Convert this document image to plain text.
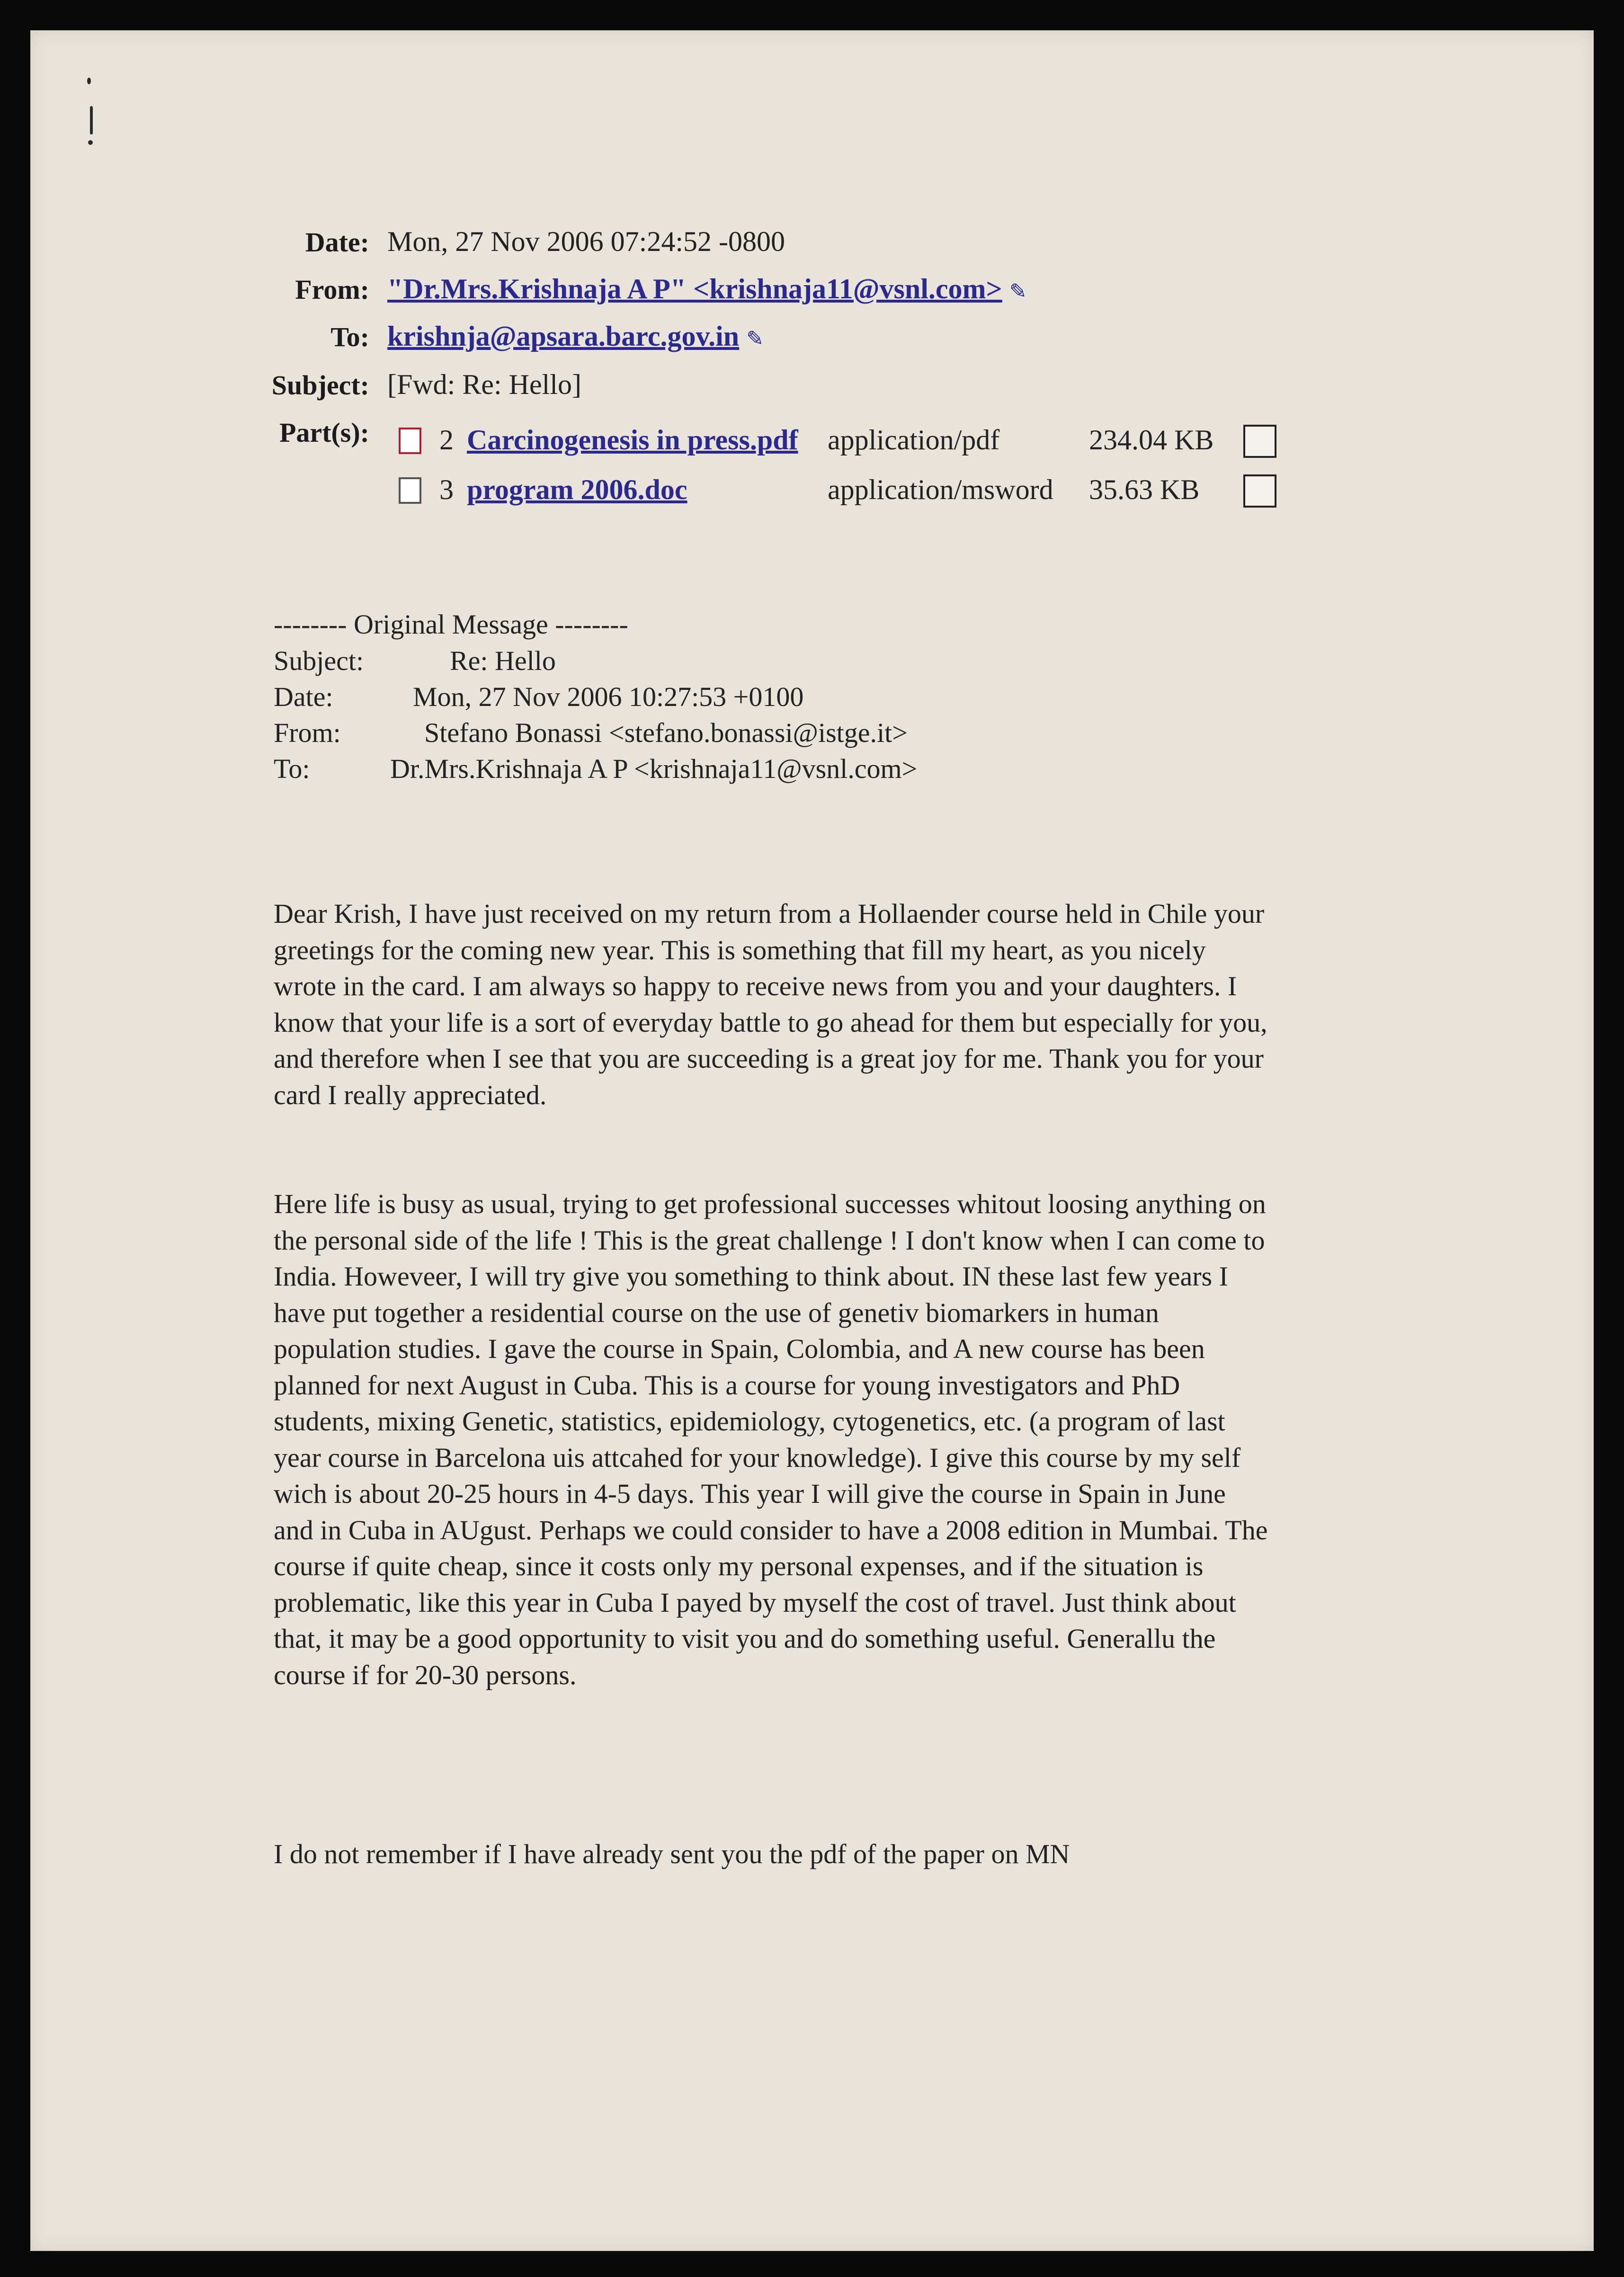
Date: Mon, 27 Nov 2006 07:24:52 -0800
From: "Dr.Mrs.Krishnaja A P" <krishnaja11@vsnl.com> ✎
To: krishnja@apsara.barc.gov.in ✎
Subject: [Fwd: Re: Hello]
Part(s): 2 Carcinogenesis in press.pdf application/pdf	234.04 KB
3 program 2006.doc	application/msword 35.63 KB
-------- Original Message --------
Subject:	Re: Hello
Date:	Mon, 27 Nov 2006 10:27:53 +0100
From:	Stefano Bonassi <stefano.bonassi@istge.it>
To:	Dr.Mrs.Krishnaja A P <krishnaja11@vsnl.com>

Dear Krish, I have just received on my return from a Hollaender course held in Chile your greetings for the coming new year. This is something that fill my heart, as you nicely wrote in the card. I am always so happy to receive news from you and your daughters. I know that your life is a sort of everyday battle to go ahead for them but especially for you, and therefore when I see that you are succeeding is a great joy for me. Thank you for your card I really appreciated.

Here life is busy as usual, trying to get professional successes whitout loosing anything on the personal side of the life ! This is the great challenge ! I don't know when I can come to India. Howeveer, I will try give you something to think about. IN these last few years I have put together a residential course on the use of genetiv biomarkers in human population studies. I gave the course in Spain, Colombia, and A new course has been planned for next August in Cuba. This is a course for young investigators and PhD students, mixing Genetic, statistics, epidemiology, cytogenetics, etc. (a program of last year course in Barcelona uis attcahed for your knowledge). I give this course by my self wich is about 20-25 hours in 4-5 days. This year I will give the course in Spain in June and in Cuba in AUgust. Perhaps we could consider to have a 2008 edition in Mumbai. The course if quite cheap, since it costs only my personal expenses, and if the situation is problematic, like this year in Cuba I payed by myself the cost of travel. Just think about that, it may be a good opportunity to visit you and do something useful. Generallu the course if for 20-30 persons.

I do not remember if I have already sent you the pdf of the paper on MN
